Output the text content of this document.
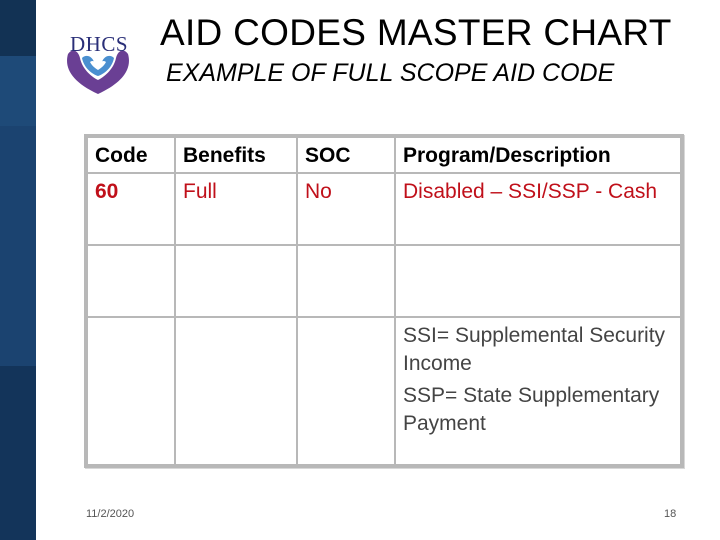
DHCS AID CODES MASTER CHART
EXAMPLE OF FULL SCOPE AID CODE
Code	Benefits	SOC	Program/Description
60	Full	No	Disabled – SSI/SSP - Cash

			SSI= Supplemental Security Income
SSP= State Supplementary Payment
11/2/2020	18
